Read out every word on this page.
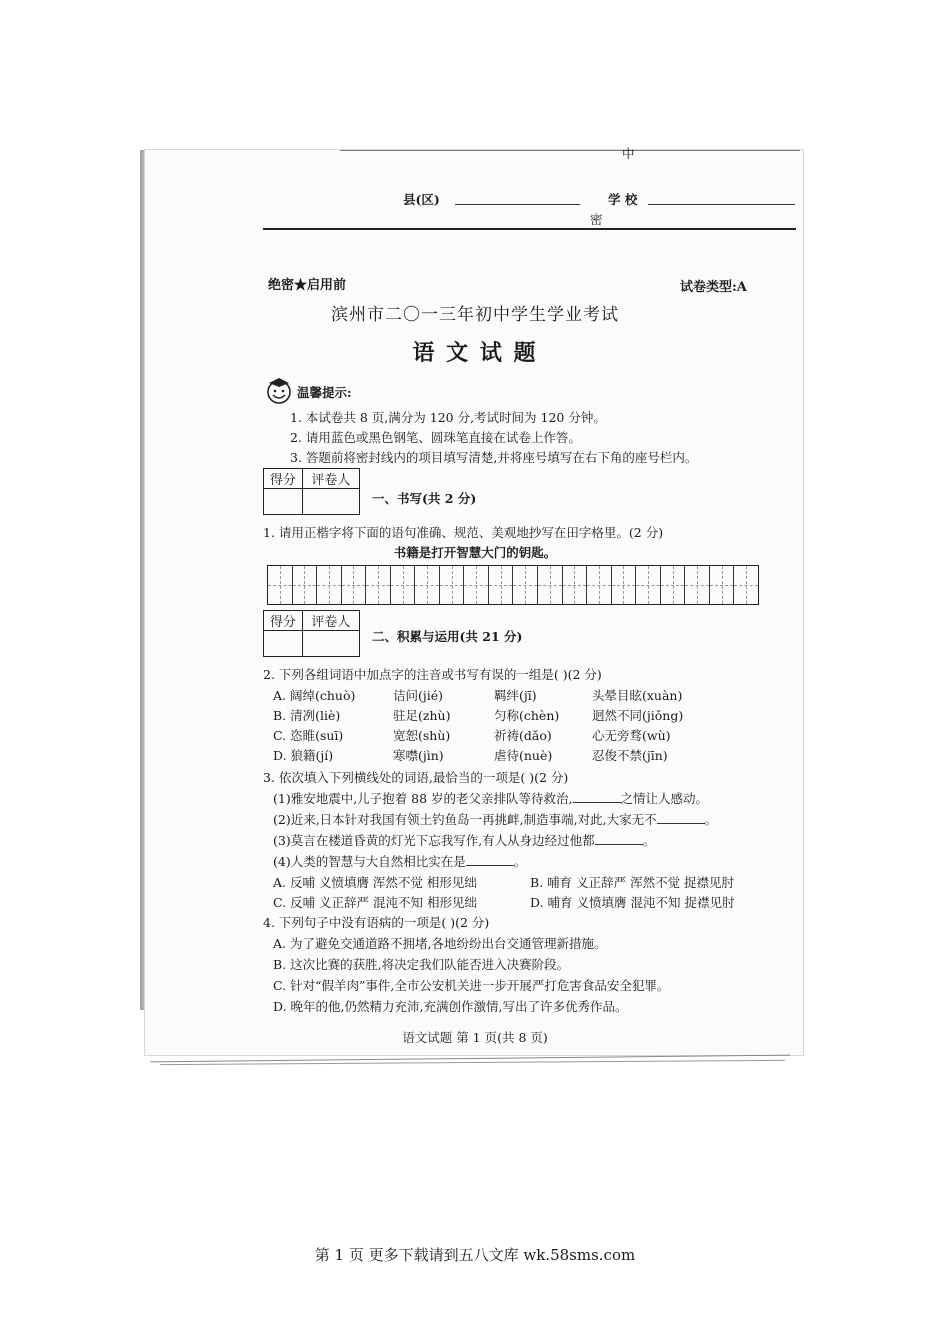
中
县(区)	学 校
密
绝密★启用前	试卷类型:A
滨州市二〇一三年初中学生学业考试
语 文 试 题
温馨提示:
1. 本试卷共 8 页,满分为 120 分,考试时间为 120 分钟。
2. 请用蓝色或黑色钢笔、圆珠笔直接在试卷上作答。
3. 答题前将密封线内的项目填写清楚,并将座号填写在右下角的座号栏内。
得分	评卷人

一、书写(共 2 分)
1. 请用正楷字将下面的语句准确、规范、美观地抄写在田字格里。(2 分)
书籍是打开智慧大门的钥匙。
得分	评卷人

二、积累与运用(共 21 分)
2. 下列各组词语中加点字的注音或书写有误的一组是( )(2 分)
A. 阔绰(chuò)	诘问(jié)	羁绊(jī)	头晕目眩(xuàn)
B. 清冽(liè)	驻足(zhù)	匀称(chèn)	迥然不同(jiǒng)
C. 恣睢(suī)	宽恕(shù)	祈祷(dǎo)	心无旁骛(wù)
D. 狼籍(jí)	寒噤(jìn)	虐待(nuè)	忍俊不禁(jīn)
3. 依次填入下列横线处的词语,最恰当的一项是( )(2 分)
(1)雅安地震中,儿子抱着 88 岁的老父亲排队等待救治,	之情让人感动。
(2)近来,日本针对我国有领土钓鱼岛一再挑衅,制造事端,对此,大家无不	。
(3)莫言在楼道昏黄的灯光下忘我写作,有人从身边经过他都	。
(4)人类的智慧与大自然相比实在是	。
A. 反哺 义愤填膺 浑然不觉 相形见绌	B. 哺育 义正辞严 浑然不觉 捉襟见肘
C. 反哺 义正辞严 混沌不知 相形见绌	D. 哺育 义愤填膺 混沌不知 捉襟见肘
4. 下列句子中没有语病的一项是( )(2 分)
A. 为了避免交通道路不拥堵,各地纷纷出台交通管理新措施。
B. 这次比赛的获胜,将决定我们队能否进入决赛阶段。
C. 针对“假羊肉”事件,全市公安机关进一步开展严打危害食品安全犯罪。
D. 晚年的他,仍然精力充沛,充满创作激情,写出了许多优秀作品。
语文试题 第 1 页(共 8 页)
第 1 页 更多下载请到五八文库 wk.58sms.com
